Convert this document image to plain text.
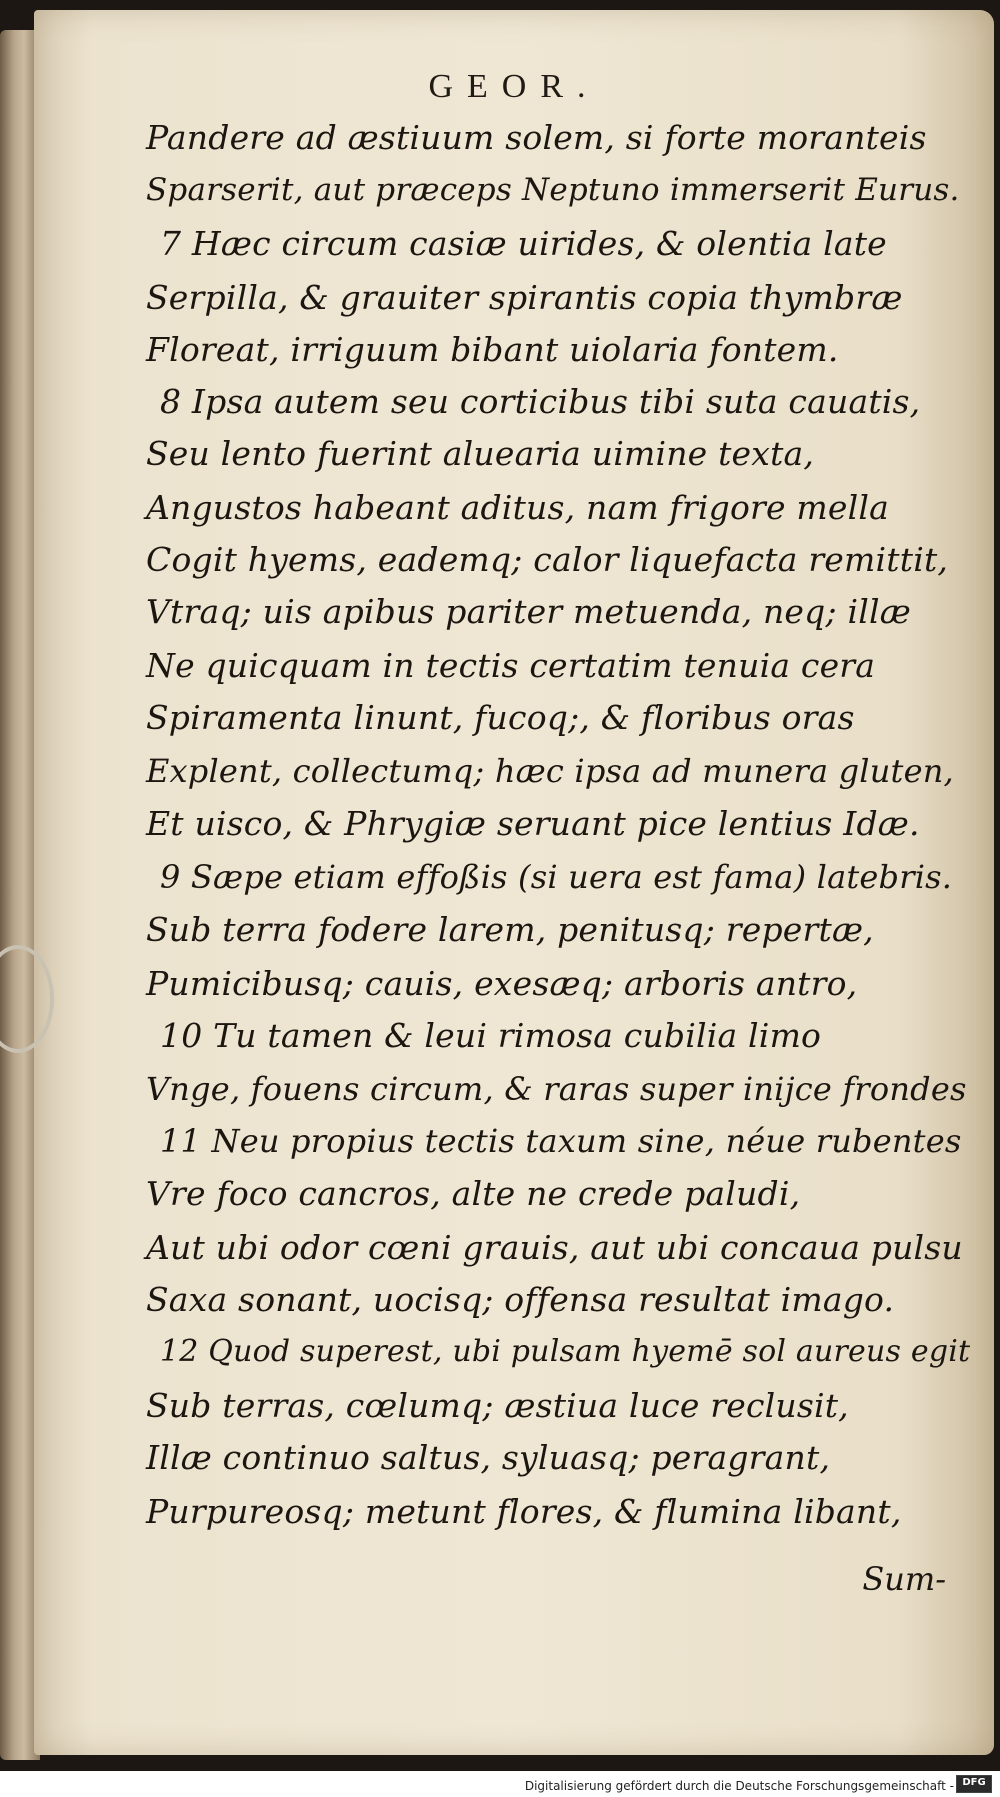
GEOR.
Pandere ad æstiuum solem, si forte moranteis
Sparserit, aut præceps Neptuno immerserit Eurus.
7 Hæc circum casiæ uirides, & olentia late
Serpilla, & grauiter spirantis copia thymbræ
Floreat, irriguum bibant uiolaria fontem.
8 Ipsa autem seu corticibus tibi suta cauatis,
Seu lento fuerint aluearia uimine texta,
Angustos habeant aditus, nam frigore mella
Cogit hyems, eademq; calor liquefacta remittit,
Vtraq; uis apibus pariter metuenda, neq; illæ
Ne quicquam in tectis certatim tenuia cera
Spiramenta linunt, fucoq;, & floribus oras
Explent, collectumq; hæc ipsa ad munera gluten,
Et uisco, & Phrygiæ seruant pice lentius Idæ.
9 Sæpe etiam effoßis (si uera est fama) latebris.
Sub terra fodere larem, penitusq; repertæ,
Pumicibusq; cauis, exesæq; arboris antro,
10 Tu tamen & leui rimosa cubilia limo
Vnge, fouens circum, & raras super inijce frondes
11 Neu propius tectis taxum sine, néue rubentes
Vre foco cancros, alte ne crede paludi,
Aut ubi odor cœni grauis, aut ubi concaua pulsu
Saxa sonant, uocisq; offensa resultat imago.
12 Quod superest, ubi pulsam hyemē sol aureus egit
Sub terras, cœlumq; æstiua luce reclusit,
Illæ continuo saltus, syluasq; peragrant,
Purpureosq; metunt flores, & flumina libant,
Sum-
Digitalisierung gefördert durch die Deutsche Forschungsgemeinschaft - DFG
